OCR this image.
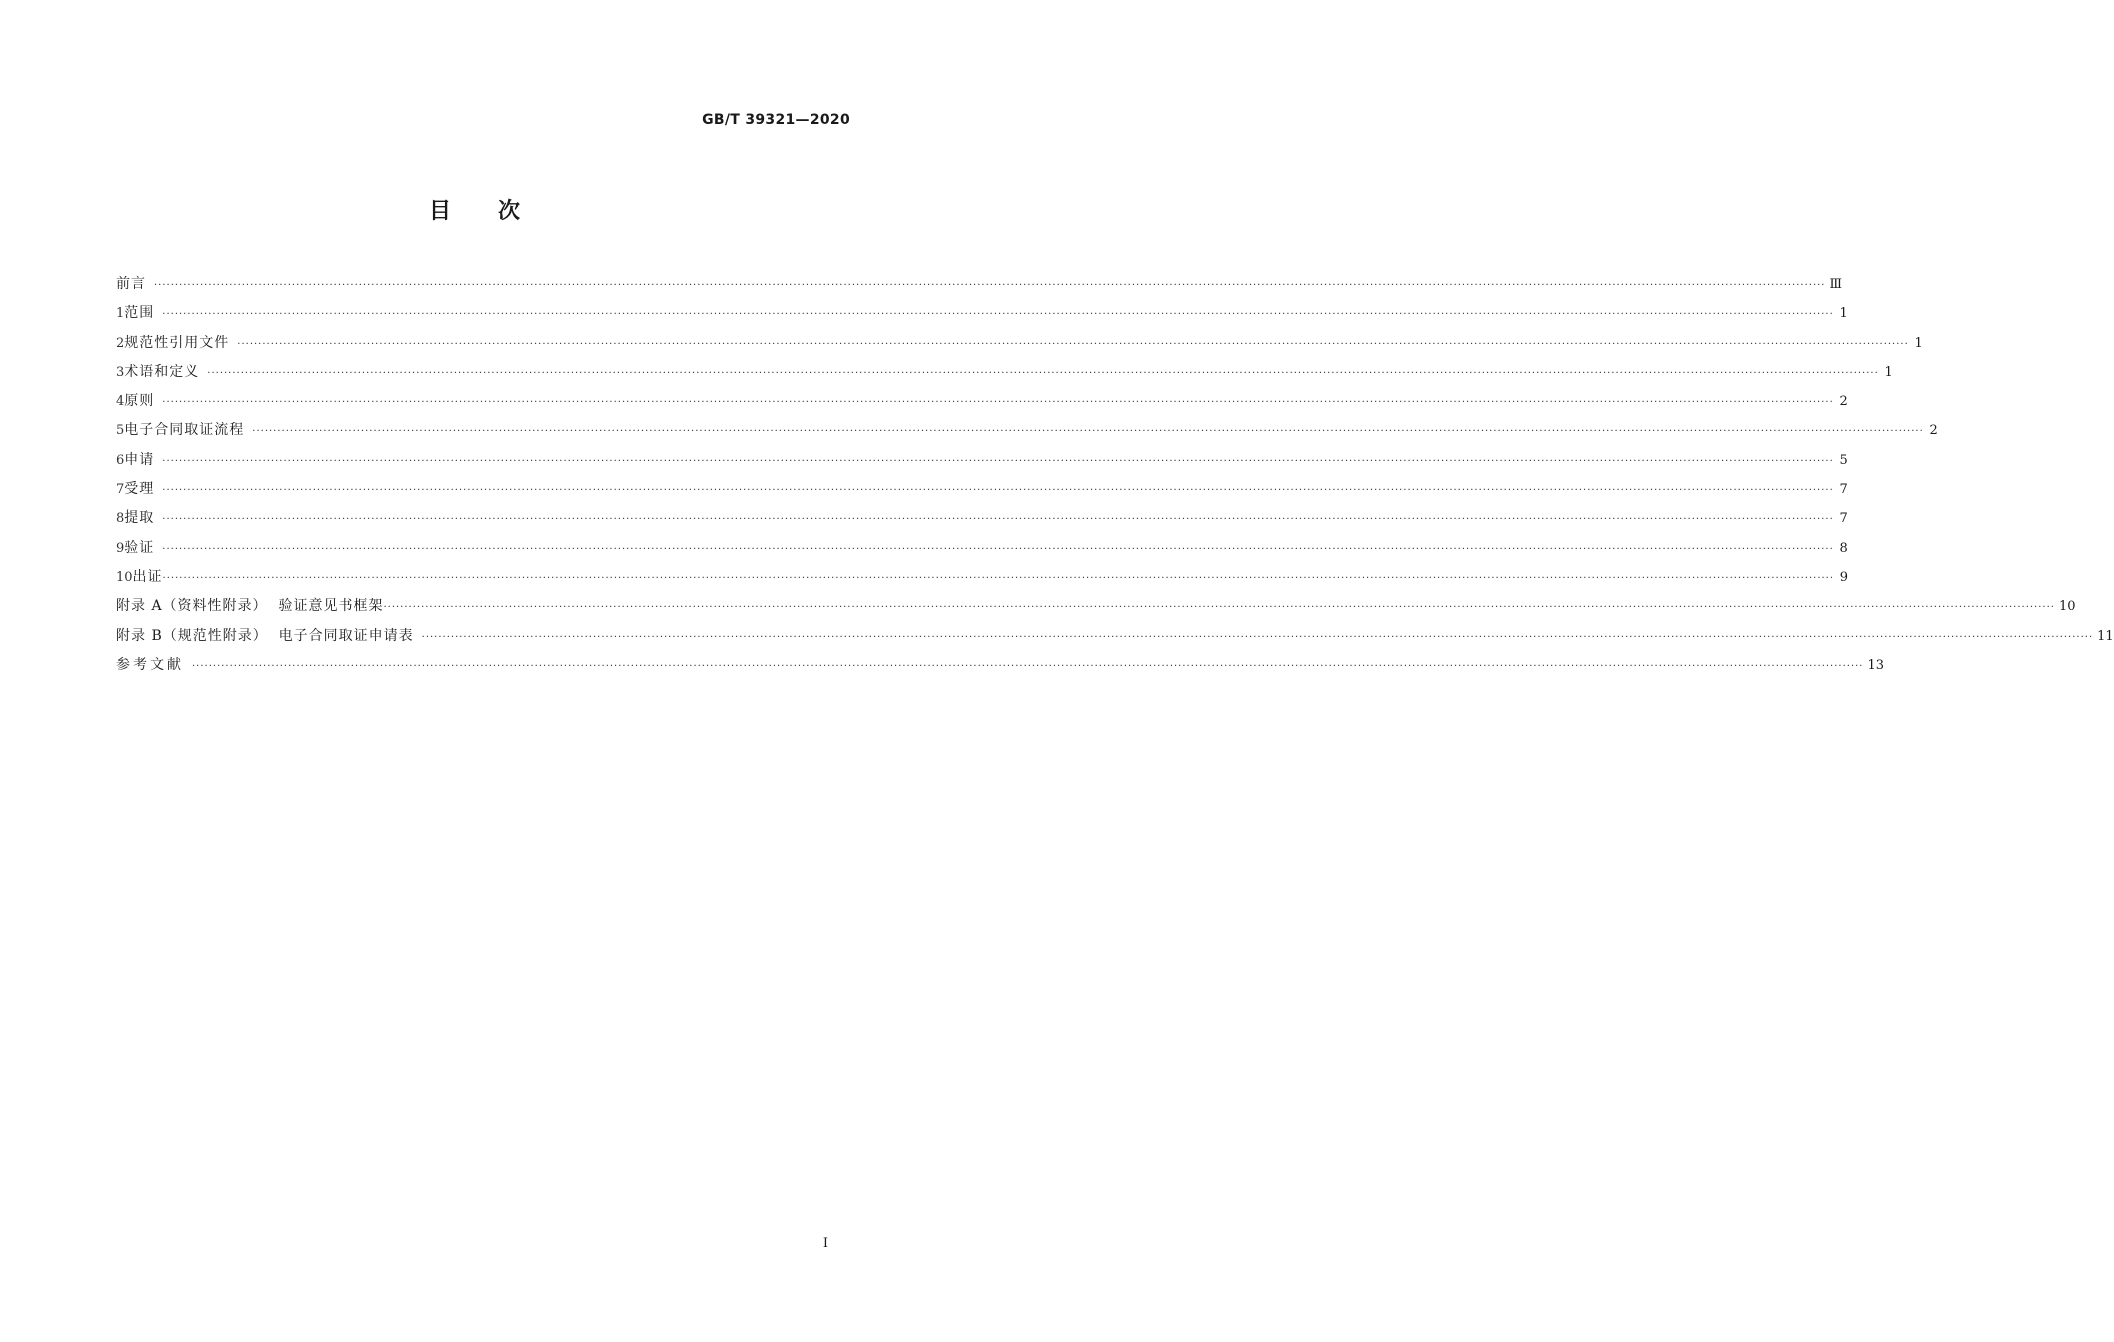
GB/T 39321—2020
目　　次
前言 ················································································································································································································································································································································································································ Ⅲ
1 范围 ················································································································································································································································································································································································································ 1
2 规范性引用文件 ················································································································································································································································································································································································································ 1
3 术语和定义 ················································································································································································································································································································································································································ 1
4 原则 ················································································································································································································································································································································································································ 2
5 电子合同取证流程 ················································································································································································································································································································································································································ 2
6 申请 ················································································································································································································································································································································································································ 5
7 受理 ················································································································································································································································································································································································································ 7
8 提取 ················································································································································································································································································································································································································ 7
9 验证 ················································································································································································································································································································································································································ 8
10 出证 ················································································································································································································································································································································································································ 9
附录 A（资料性附录）  验证意见书框架 ················································································································································································································································································································································································································ 10
附录 B（规范性附录）  电子合同取证申请表 ················································································································································································································································································································································································································ 11
参考文献 ················································································································································································································································································································································································································ 13
I
